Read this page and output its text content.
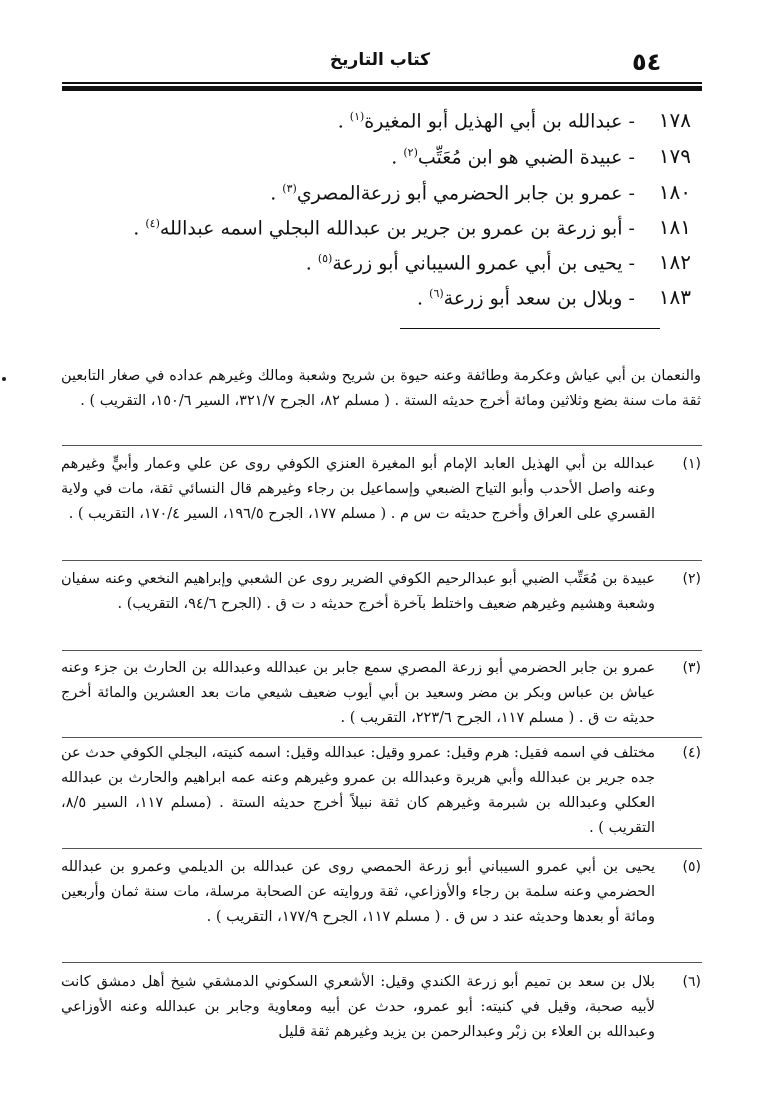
٥٤
كتاب التاريخ
١٧٨ - عبدالله بن أبي الهذيل أبو المغيرة$^{(١)}$ .
١٧٩ - عبيدة الضبي هو ابن مُعَتِّب$^{(٢)}$ .
١٨٠ - عمرو بن جابر الحضرمي أبو زرعةالمصري$^{(٣)}$ .
١٨١ - أبو زرعة بن عمرو بن جرير بن عبدالله البجلي اسمه عبدالله$^{(٤)}$ .
١٨٢ - يحيى بن أبي عمرو السيباني أبو زرعة$^{(٥)}$ .
١٨٣ - وبلال بن سعد أبو زرعة$^{(٦)}$ .
والنعمان بن أبي عياش وعكرمة وطائفة وعنه حيوة بن شريح وشعبة ومالك وغيرهم عداده في صغار التابعين ثقة مات سنة بضع وثلاثين ومائة أخرج حديثه الستة . ( مسلم ٨٢، الجرح ٣٢١/٧، السير ١٥٠/٦، التقريب ) .
(١)
عبدالله بن أبي الهذيل العابد الإمام أبو المغيرة العنزي الكوفي روى عن علي وعمار وأبيٍّ وغيرهم وعنه واصل الأحدب وأبو التياح الضبعي وإسماعيل بن رجاء وغيرهم قال النسائي ثقة، مات في ولاية القسري على العراق وأخرج حديثه ت س م . ( مسلم ١٧٧، الجرح ١٩٦/٥، السير ١٧٠/٤، التقريب ) .
(٢)
عبيدة بن مُعَتِّب الضبي أبو عبدالرحيم الكوفي الضرير روى عن الشعبي وإبراهيم النخعي وعنه سفيان وشعبة وهشيم وغيرهم ضعيف واختلط بآخرة أخرج حديثه د ت ق . (الجرح ٩٤/٦، التقريب) .
(٣)
عمرو بن جابر الحضرمي أبو زرعة المصري سمع جابر بن عبدالله وعبدالله بن الحارث بن جزء وعنه عياش بن عباس وبكر بن مضر وسعيد بن أبي أيوب ضعيف شيعي مات بعد العشرين والمائة أخرج حديثه ت ق . ( مسلم ١١٧، الجرح ٢٢٣/٦، التقريب ) .
(٤)
مختلف في اسمه فقيل: هرم وقيل: عمرو وقيل: عبدالله وقيل: اسمه كنيته، البجلي الكوفي حدث عن جده جرير بن عبدالله وأبي هريرة وعبدالله بن عمرو وغيرهم وعنه عمه ابراهيم والحارث بن عبدالله العكلي وعبدالله بن شبرمة وغيرهم كان ثقة نبيلاً أخرج حديثه الستة . (مسلم ١١٧، السير ٨/٥، التقريب ) .
(٥)
يحيى بن أبي عمرو السيباني أبو زرعة الحمصي روى عن عبدالله بن الديلمي وعمرو بن عبدالله الحضرمي وعنه سلمة بن رجاء والأوزاعي، ثقة وروايته عن الصحابة مرسلة، مات سنة ثمان وأربعين ومائة أو بعدها وحديثه عند د س ق . ( مسلم ١١٧، الجرح ١٧٧/٩، التقريب ) .
(٦)
بلال بن سعد بن تميم أبو زرعة الكندي وقيل: الأشعري السكوني الدمشقي شيخ أهل دمشق كانت لأبيه صحبة، وقيل في كنيته: أبو عمرو، حدث عن أبيه ومعاوية وجابر بن عبدالله وعنه الأوزاعي وعبدالله بن العلاء بن زبْر وعبدالرحمن بن يزيد وغيرهم ثقة قليل
